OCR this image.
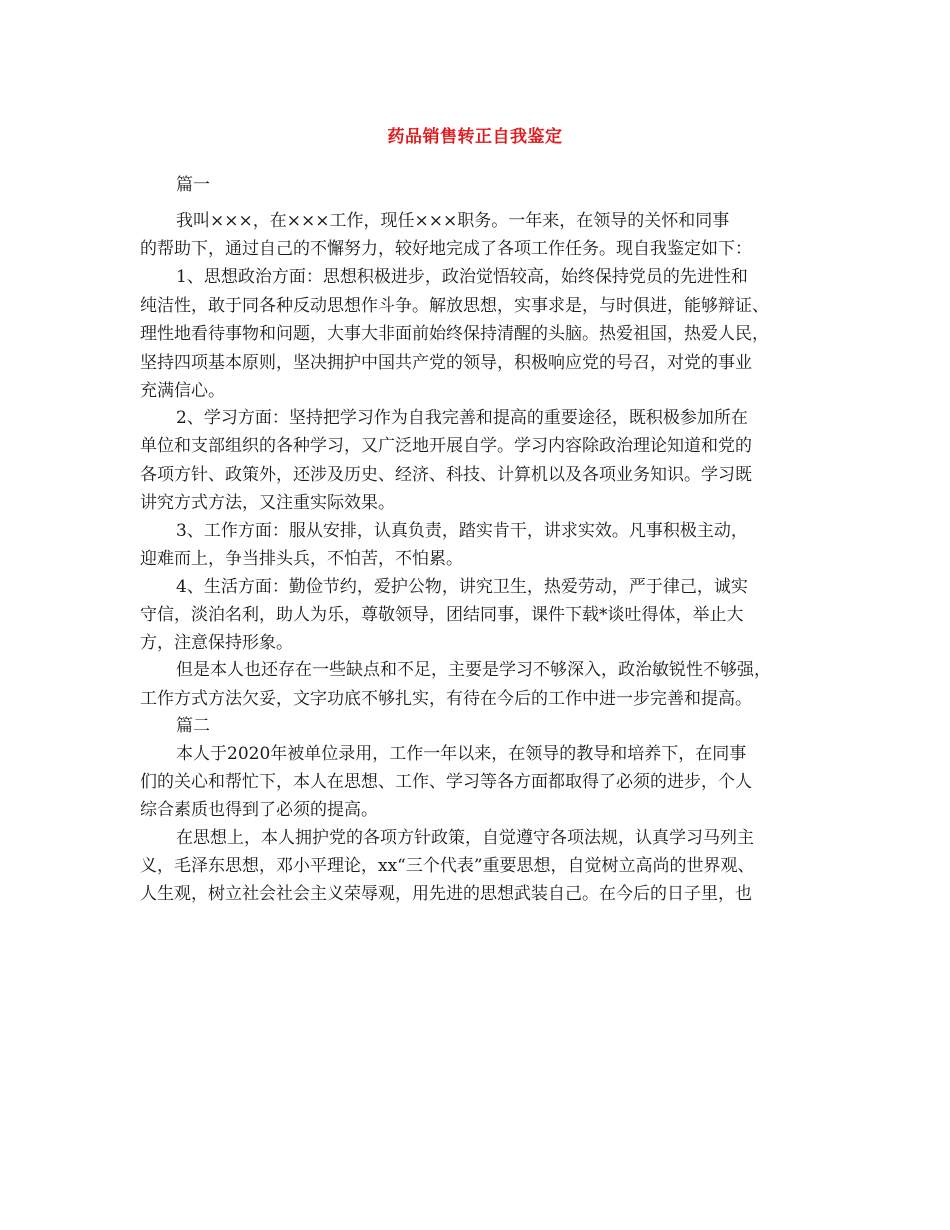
药品销售转正自我鉴定
篇一
我叫×××，在×××工作，现任×××职务。一年来，在领导的关怀和同事
的帮助下，通过自己的不懈努力，较好地完成了各项工作任务。现自我鉴定如下：
1、思想政治方面：思想积极进步，政治觉悟较高，始终保持党员的先进性和
纯洁性，敢于同各种反动思想作斗争。解放思想，实事求是，与时俱进，能够辩证、
理性地看待事物和问题，大事大非面前始终保持清醒的头脑。热爱祖国，热爱人民，
坚持四项基本原则，坚决拥护中国共产党的领导，积极响应党的号召，对党的事业
充满信心。
2、学习方面：坚持把学习作为自我完善和提高的重要途径，既积极参加所在
单位和支部组织的各种学习，又广泛地开展自学。学习内容除政治理论知道和党的
各项方针、政策外，还涉及历史、经济、科技、计算机以及各项业务知识。学习既
讲究方式方法，又注重实际效果。
3、工作方面：服从安排，认真负责，踏实肯干，讲求实效。凡事积极主动，
迎难而上，争当排头兵，不怕苦，不怕累。
4、生活方面：勤俭节约，爱护公物，讲究卫生，热爱劳动，严于律己，诚实
守信，淡泊名利，助人为乐，尊敬领导，团结同事，课件下载*谈吐得体，举止大
方，注意保持形象。
但是本人也还存在一些缺点和不足，主要是学习不够深入，政治敏锐性不够强，
工作方式方法欠妥，文字功底不够扎实，有待在今后的工作中进一步完善和提高。
篇二
本人于2020年被单位录用，工作一年以来，在领导的教导和培养下，在同事
们的关心和帮忙下，本人在思想、工作、学习等各方面都取得了必须的进步，个人
综合素质也得到了必须的提高。
在思想上，本人拥护党的各项方针政策，自觉遵守各项法规，认真学习马列主
义，毛泽东思想，邓小平理论，xx“三个代表”重要思想，自觉树立高尚的世界观、
人生观，树立社会社会主义荣辱观，用先进的思想武装自己。在今后的日子里，也
